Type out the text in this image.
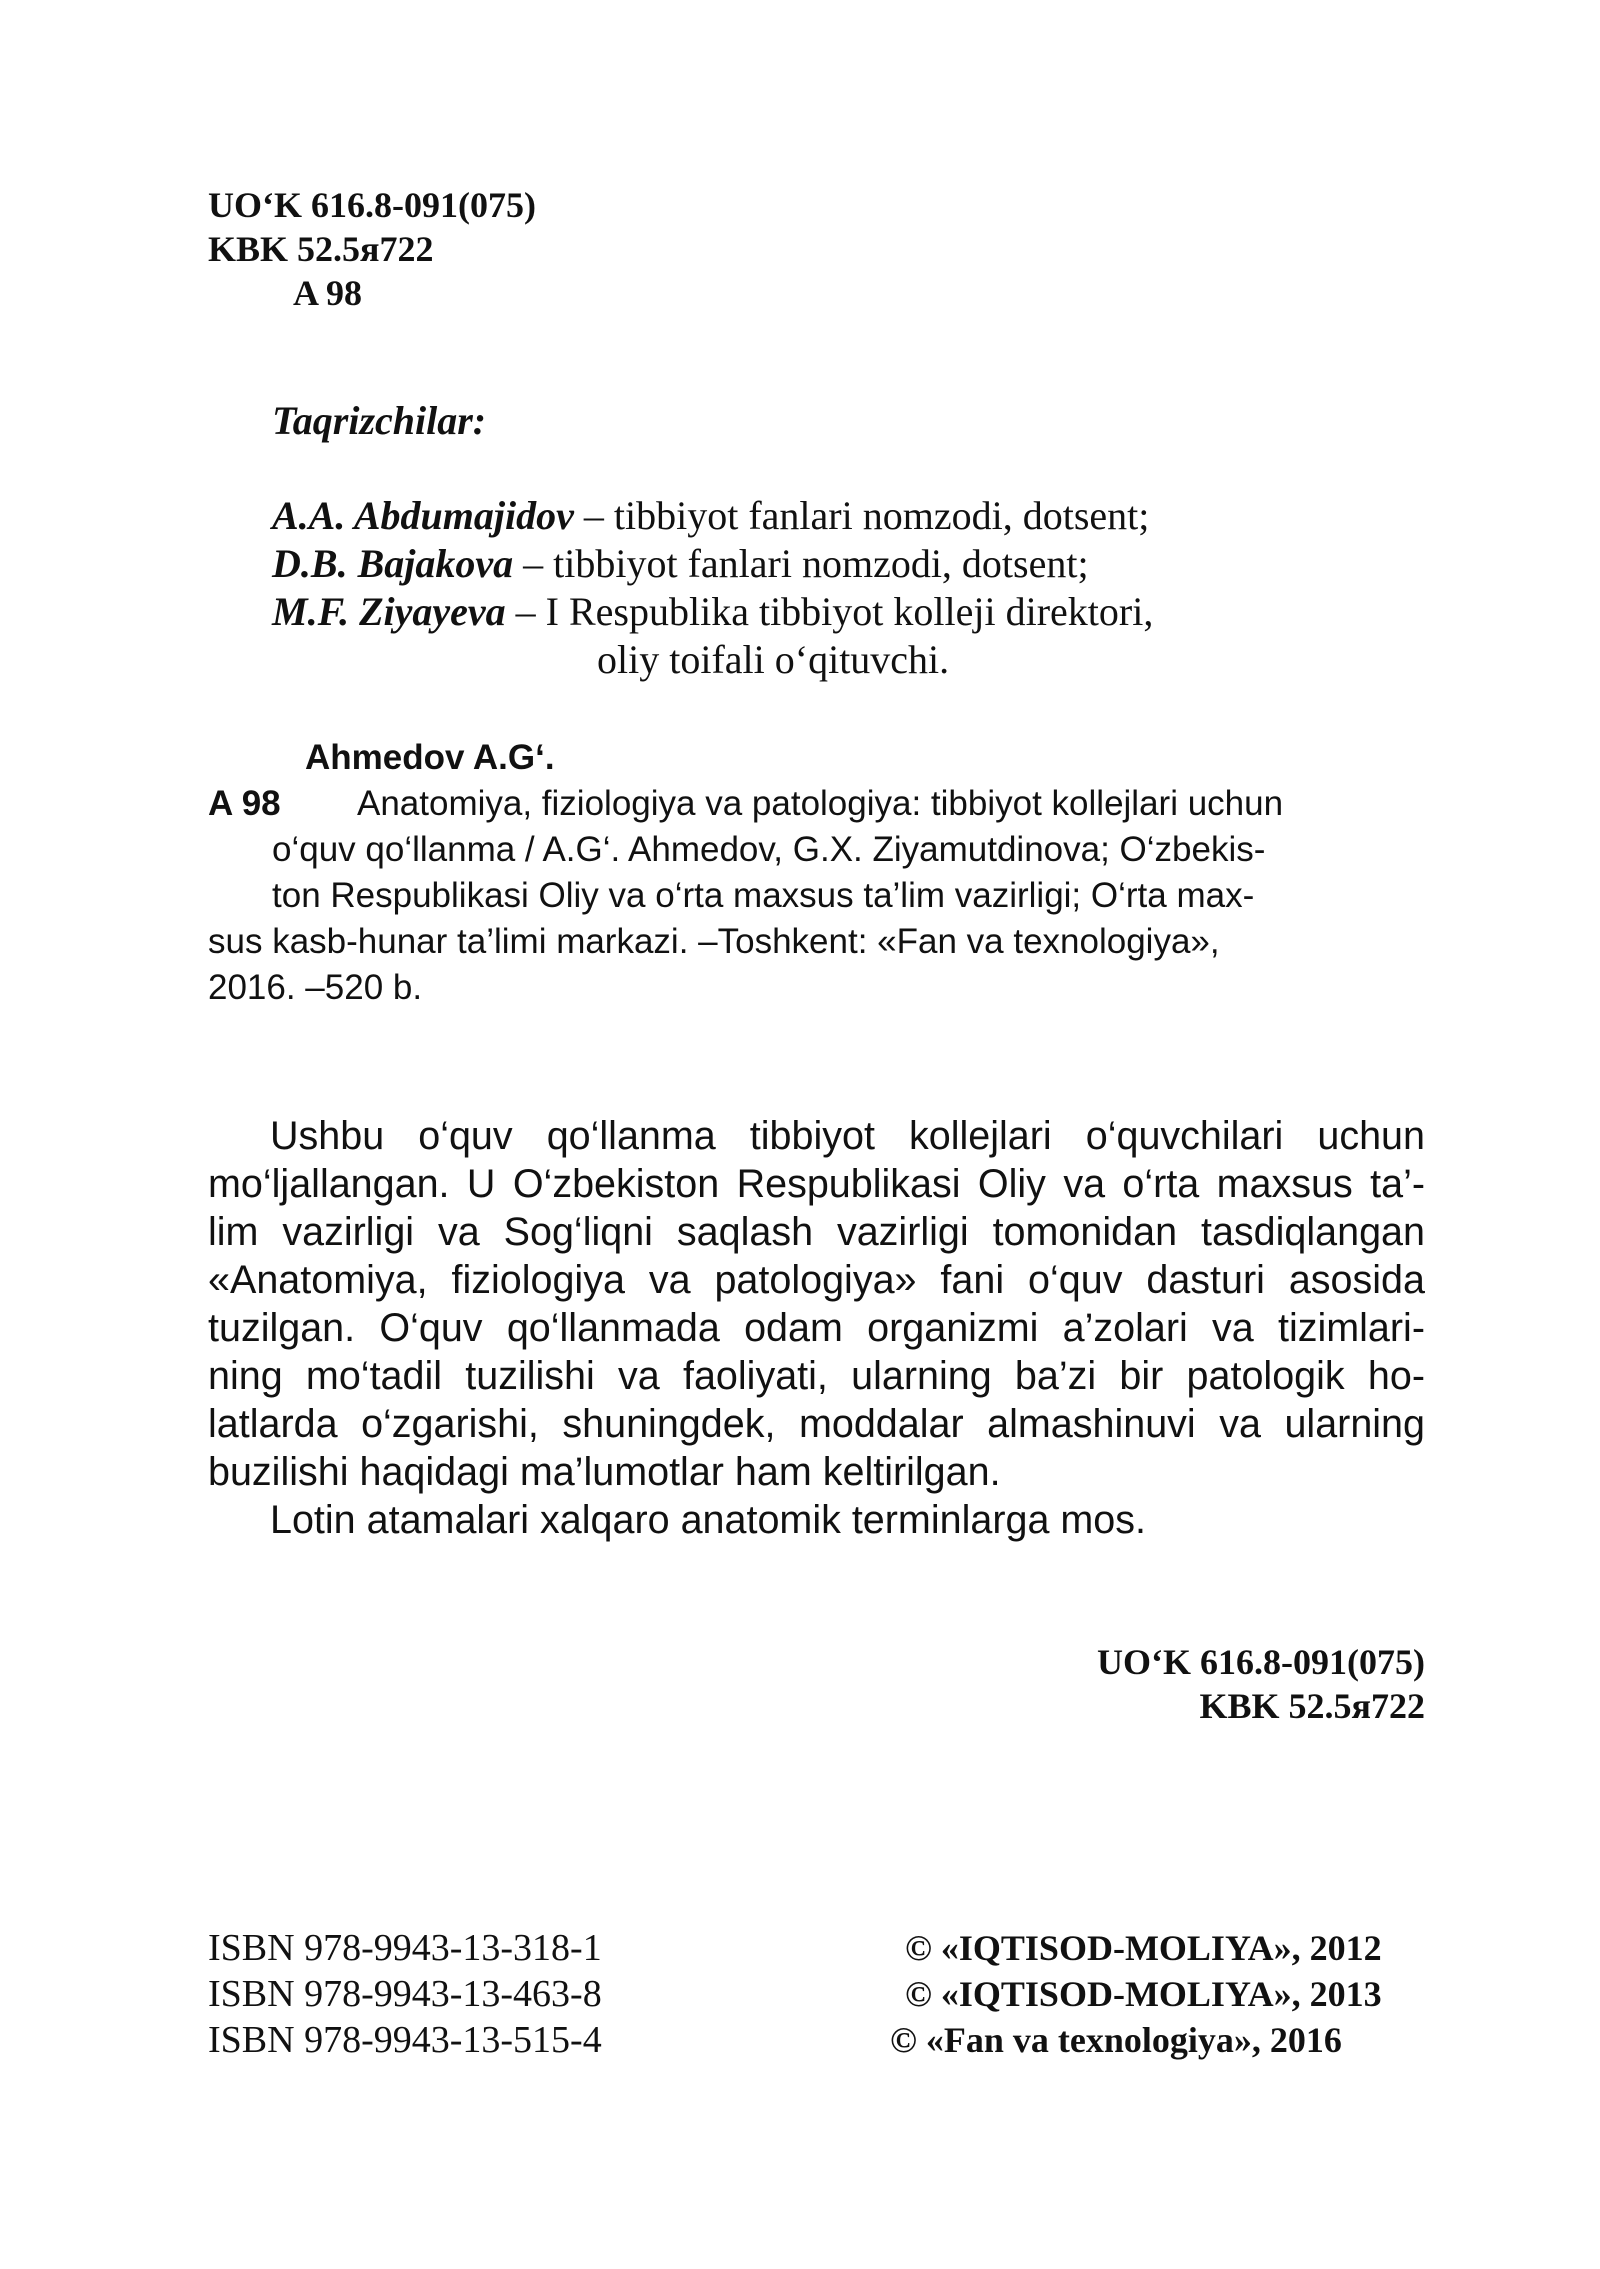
UO‘K 616.8-091(075)
KBK 52.5я722
A 98
Taqrizchilar:
A.A. Abdumajidov – tibbiyot fanlari nomzodi, dotsent;
D.B. Bajakova – tibbiyot fanlari nomzodi, dotsent;
M.F. Ziyayeva – I Respublika tibbiyot kolleji direktori,
oliy toifali o‘qituvchi.
Ahmedov A.G‘.
A 98 Anatomiya, fiziologiya va patologiya: tibbiyot kollejlari uchun
o‘quv qo‘llanma / A.G‘. Ahmedov, G.X. Ziyamutdinova; O‘zbekis-
ton Respublikasi Oliy va o‘rta maxsus ta’lim vazirligi; O‘rta max-
sus kasb-hunar ta’limi markazi. –Toshkent: «Fan va texnologiya»,
2016. –520 b.

Ushbu o‘quv qo‘llanma tibbiyot kollejlari o‘quvchilari uchun

mo‘ljallangan. U O‘zbekiston Respublikasi Oliy va o‘rta maxsus ta’-

lim vazirligi va Sog‘liqni saqlash vazirligi tomonidan tasdiqlangan

«Anatomiya, fiziologiya va patologiya» fani o‘quv dasturi asosida

tuzilgan. O‘quv qo‘llanmada odam organizmi a’zolari va tizimlari-

ning mo‘tadil tuzilishi va faoliyati, ularning ba’zi bir patologik ho-

latlarda o‘zgarishi, shuningdek, moddalar almashinuvi va ularning

buzilishi haqidagi ma’lumotlar ham keltirilgan.

Lotin atamalari xalqaro anatomik terminlarga mos.

UO‘K 616.8-091(075)
KBK 52.5я722
ISBN 978-9943-13-318-1
ISBN 978-9943-13-463-8
ISBN 978-9943-13-515-4
© «IQTISOD-MOLIYA», 2012
© «IQTISOD-MOLIYA», 2013
© «Fan va texnologiya», 2016
